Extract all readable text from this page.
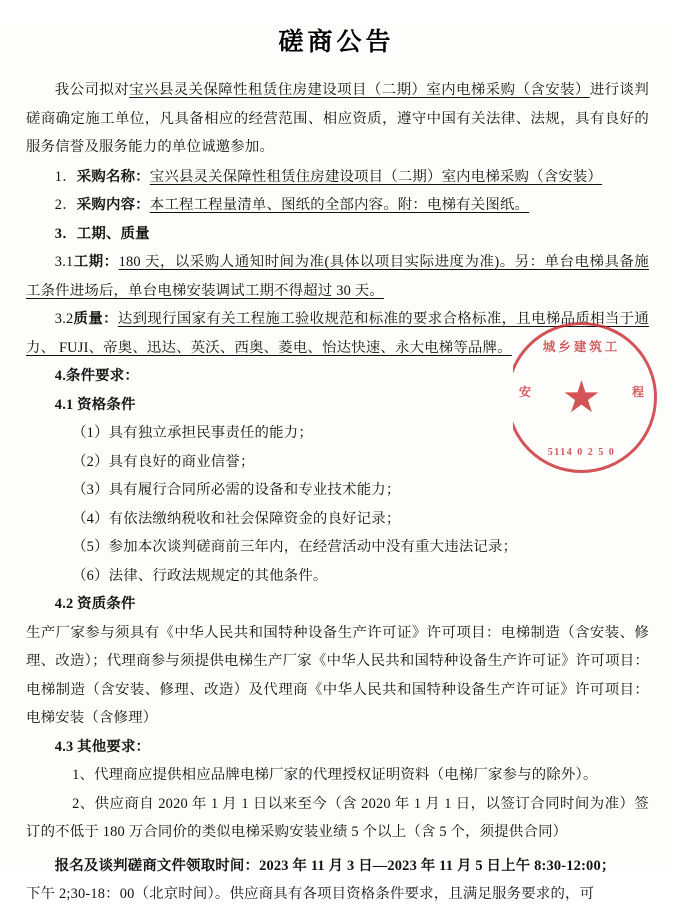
磋商公告

我公司拟对宝兴县灵关保障性租赁住房建设项目（二期）室内电梯采购（含安装）进行谈判磋商确定施工单位，凡具备相应的经营范围、相应资质，遵守中国有关法律、法规，具有良好的服务信誉及服务能力的单位诚邀参加。

1．采购名称：宝兴县灵关保障性租赁住房建设项目（二期）室内电梯采购（含安装）

2．采购内容：本工程工程量清单、图纸的全部内容。附：电梯有关图纸。

3．工期、质量

3.1工期：180 天，以采购人通知时间为准(具体以项目实际进度为准)。另：单台电梯具备施工条件进场后，单台电梯安装调试工期不得超过 30 天。

3.2质量：达到现行国家有关工程施工验收规范和标准的要求合格标准，且电梯品质相当于通力、 FUJI、帝奥、迅达、英沃、西奥、菱电、怡达快速、永大电梯等品牌。

4.条件要求：

4.1 资格条件

（1）具有独立承担民事责任的能力；

（2）具有良好的商业信誉；

（3）具有履行合同所必需的设备和专业技术能力；

（4）有依法缴纳税收和社会保障资金的良好记录；

（5）参加本次谈判磋商前三年内，在经营活动中没有重大违法记录；

（6）法律、行政法规规定的其他条件。

4.2 资质条件

生产厂家参与须具有《中华人民共和国特种设备生产许可证》许可项目：电梯制造（含安装、修理、改造）；代理商参与须提供电梯生产厂家《中华人民共和国特种设备生产许可证》许可项目：电梯制造（含安装、修理、改造）及代理商《中华人民共和国特种设备生产许可证》许可项目：电梯安装（含修理）

4.3 其他要求：

1、代理商应提供相应品牌电梯厂家的代理授权证明资料（电梯厂家参与的除外）。

2、供应商自 2020 年 1 月 1 日以来至今（含 2020 年 1 月 1 日，以签订合同时间为准）签订的不低于 180 万合同价的类似电梯采购安装业绩 5 个以上（含 5 个，须提供合同）

报名及谈判磋商文件领取时间：2023 年 11 月 3 日—2023 年 11 月 5 日上午 8:30-12:00；

下午 2;30-18：00（北京时间）。供应商具有各项目资格条件要求，且满足服务要求的，可

城乡建筑工
安	程
★
5114 0 2 5 0
